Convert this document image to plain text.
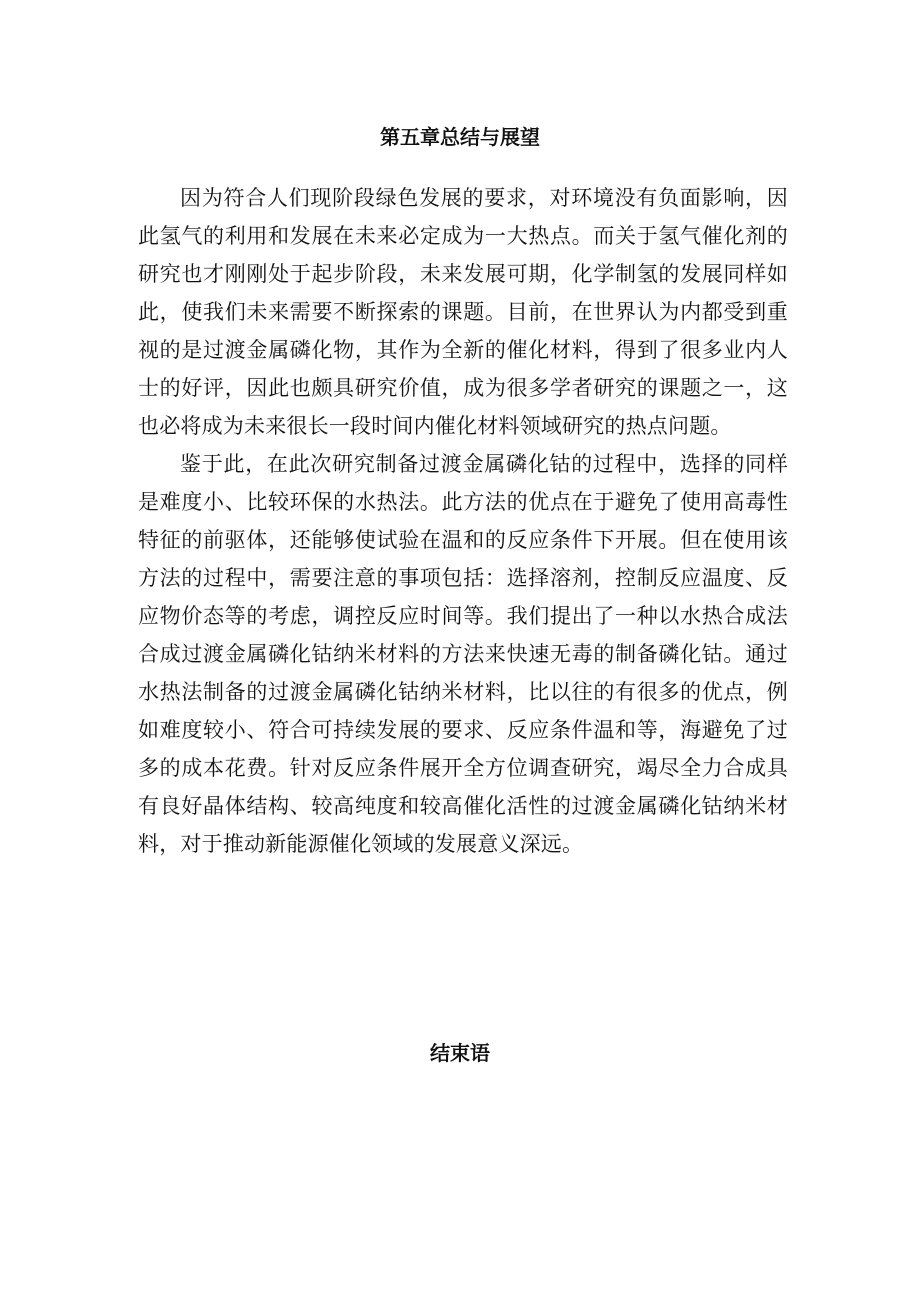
第五章总结与展望

因为符合人们现阶段绿色发展的要求，对环境没有负面影响，因此氢气的利用和发展在未来必定成为一大热点。而关于氢气催化剂的研究也才刚刚处于起步阶段，未来发展可期，化学制氢的发展同样如此，使我们未来需要不断探索的课题。目前，在世界认为内都受到重视的是过渡金属磷化物，其作为全新的催化材料，得到了很多业内人士的好评，因此也颇具研究价值，成为很多学者研究的课题之一，这也必将成为未来很长一段时间内催化材料领域研究的热点问题。

鉴于此，在此次研究制备过渡金属磷化钴的过程中，选择的同样是难度小、比较环保的水热法。此方法的优点在于避免了使用高毒性特征的前驱体，还能够使试验在温和的反应条件下开展。但在使用该方法的过程中，需要注意的事项包括：选择溶剂，控制反应温度、反应物价态等的考虑，调控反应时间等。我们提出了一种以水热合成法合成过渡金属磷化钴纳米材料的方法来快速无毒的制备磷化钴。通过水热法制备的过渡金属磷化钴纳米材料，比以往的有很多的优点，例如难度较小、符合可持续发展的要求、反应条件温和等，海避免了过多的成本花费。针对反应条件展开全方位调查研究，竭尽全力合成具有良好晶体结构、较高纯度和较高催化活性的过渡金属磷化钴纳米材料，对于推动新能源催化领域的发展意义深远。

结束语
